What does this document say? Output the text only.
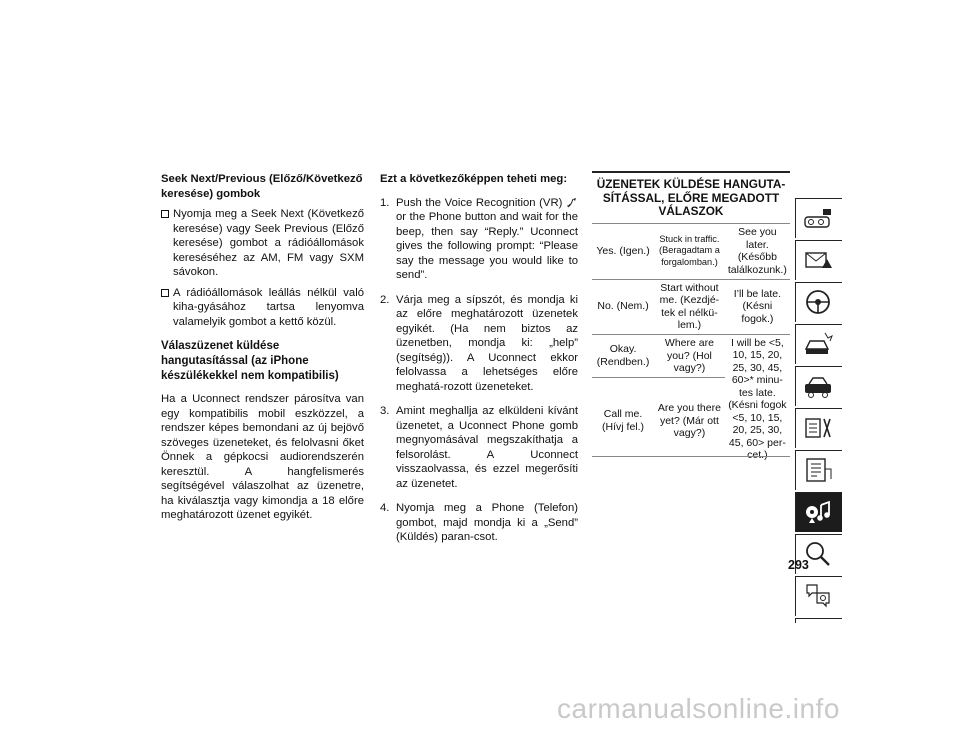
Seek Next/Previous (Előző/Következő keresése) gombok
Nyomja meg a Seek Next (Következő keresése) vagy Seek Previous (Előző keresése) gombot a rádióállomások kereséséhez az AM, FM vagy SXM sávokon.
A rádióállomások leállás nélkül való kiha-gyásához tartsa lenyomva valamelyik gombot a kettő közül.
Válaszüzenet küldése hangutasítással (az iPhone készülékekkel nem kompatibilis)

Ha a Uconnect rendszer párosítva van egy kompatibilis mobil eszközzel, a rendszer képes bemondani az új bejövő szöveges üzeneteket, és felolvasni őket Önnek a gépkocsi audiorendszerén keresztül. A hangfelismerés segítségével válaszolhat az üzenetre, ha kiválasztja vagy kimondja a 18 előre meghatározott üzenet egyikét.

Ezt a következőképpen teheti meg:
1. Push the Voice Recognition (VR)  or the Phone button and wait for the beep, then say “Reply.” Uconnect gives the following prompt: “Please say the message you would like to send”.
2. Várja meg a sípszót, és mondja ki az előre meghatározott üzenetek egyikét. (Ha nem biztos az üzenetben, mondja ki: „help” (segítség)). A Uconnect ekkor felolvassa a lehetséges előre meghatá-rozott üzeneteket.
3. Amint meghallja az elküldeni kívánt üzenetet, a Uconnect Phone gomb megnyomásával megszakíthatja a felsorolást. A Uconnect visszaolvassa, és ezzel megerősíti az üzenetet.
4. Nyomja meg a Phone (Telefon) gombot, majd mondja ki a „Send” (Küldés) paran-csot.
ÜZENETEK KÜLDÉSE HANGUTA-SÍTÁSSAL, ELŐRE MEGADOTT VÁLASZOK		
Yes. (Igen.)	Stuck in traffic. (Beragadtam a forgalomban.)	See you later. (Később találkozunk.)
No. (Nem.)	Start without me. (Kezdjé-tek el nélkü-lem.)	I’ll be late. (Késni fogok.)
Okay. (Rendben.)	Where are you? (Hol vagy?)	I will be <5, 10, 15, 20, 25, 30, 45, 60>* minu-tes late. (Késni fogok <5, 10, 15, 20, 25, 30, 45, 60> per-cet.)
Call me. (Hívj fel.)	Are you there yet? (Már ott vagy?)	
293
carmanualsonline.info
